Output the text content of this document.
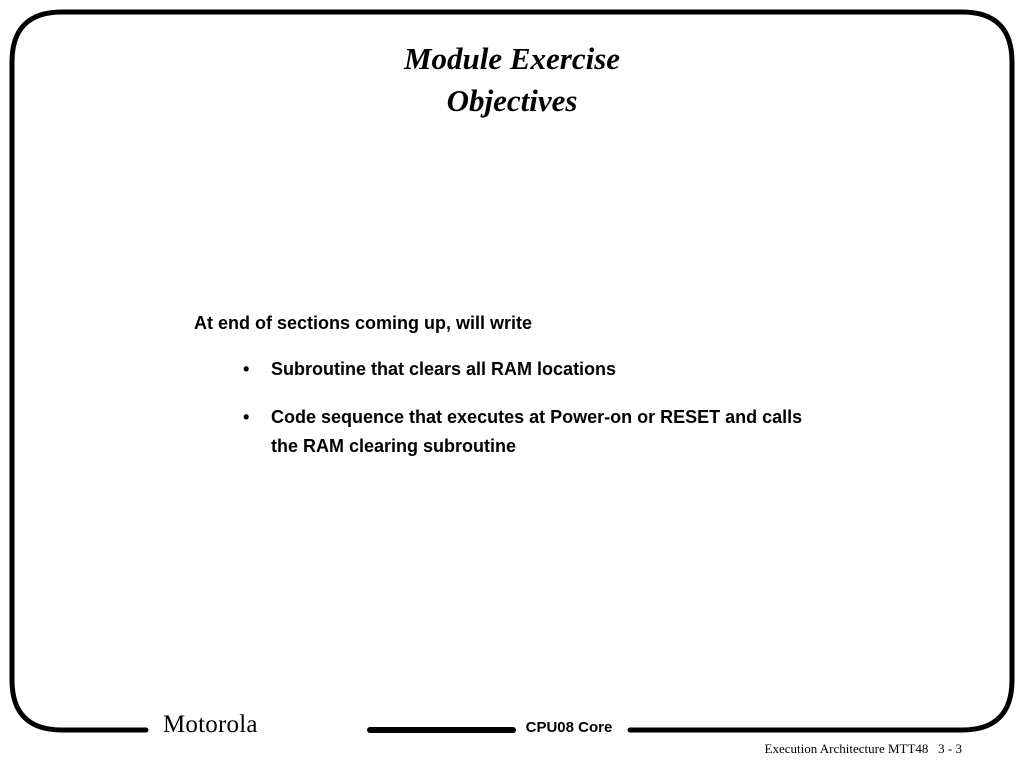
Module Exercise
Objectives
At end of sections coming up, will write
• Subroutine that clears all RAM locations
• Code sequence that executes at Power-on or RESET and calls the RAM clearing subroutine
Motorola	CPU08 Core
Execution Architecture MTT48 3 - 3
